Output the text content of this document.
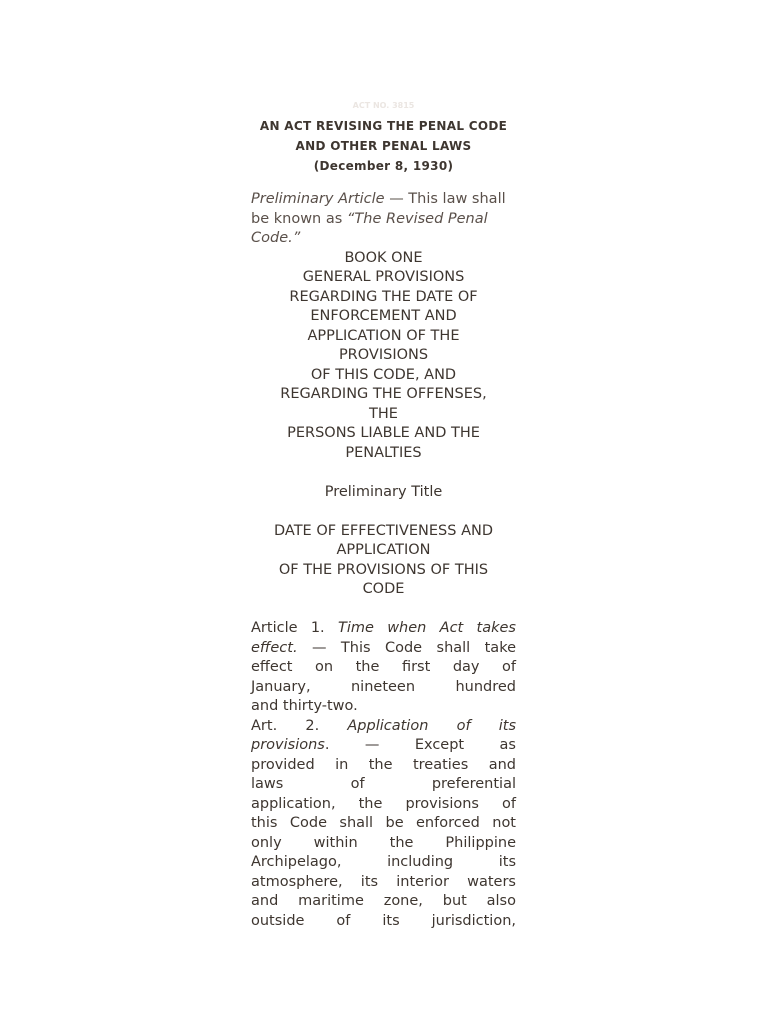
ACT NO. 3815
AN ACT REVISING THE PENAL CODE
AND OTHER PENAL LAWS
(December 8, 1930)
Preliminary Article — This law shall be known as “The Revised Penal Code.”
BOOK ONE
GENERAL PROVISIONS
REGARDING THE DATE OF
ENFORCEMENT AND
APPLICATION OF THE
PROVISIONS
OF THIS CODE, AND
REGARDING THE OFFENSES,
THE
PERSONS LIABLE AND THE
PENALTIES
Preliminary Title
DATE OF EFFECTIVENESS AND
APPLICATION
OF THE PROVISIONS OF THIS
CODE
Article 1. Time when Act takes
effect. — This Code shall take
effect on the first day of
January, nineteen hundred
and thirty-two.
Art. 2. Application of its
provisions. — Except as
provided in the treaties and
laws of preferential
application, the provisions of
this Code shall be enforced not
only within the Philippine
Archipelago, including its
atmosphere, its interior waters
and maritime zone, but also
outside of its jurisdiction,
